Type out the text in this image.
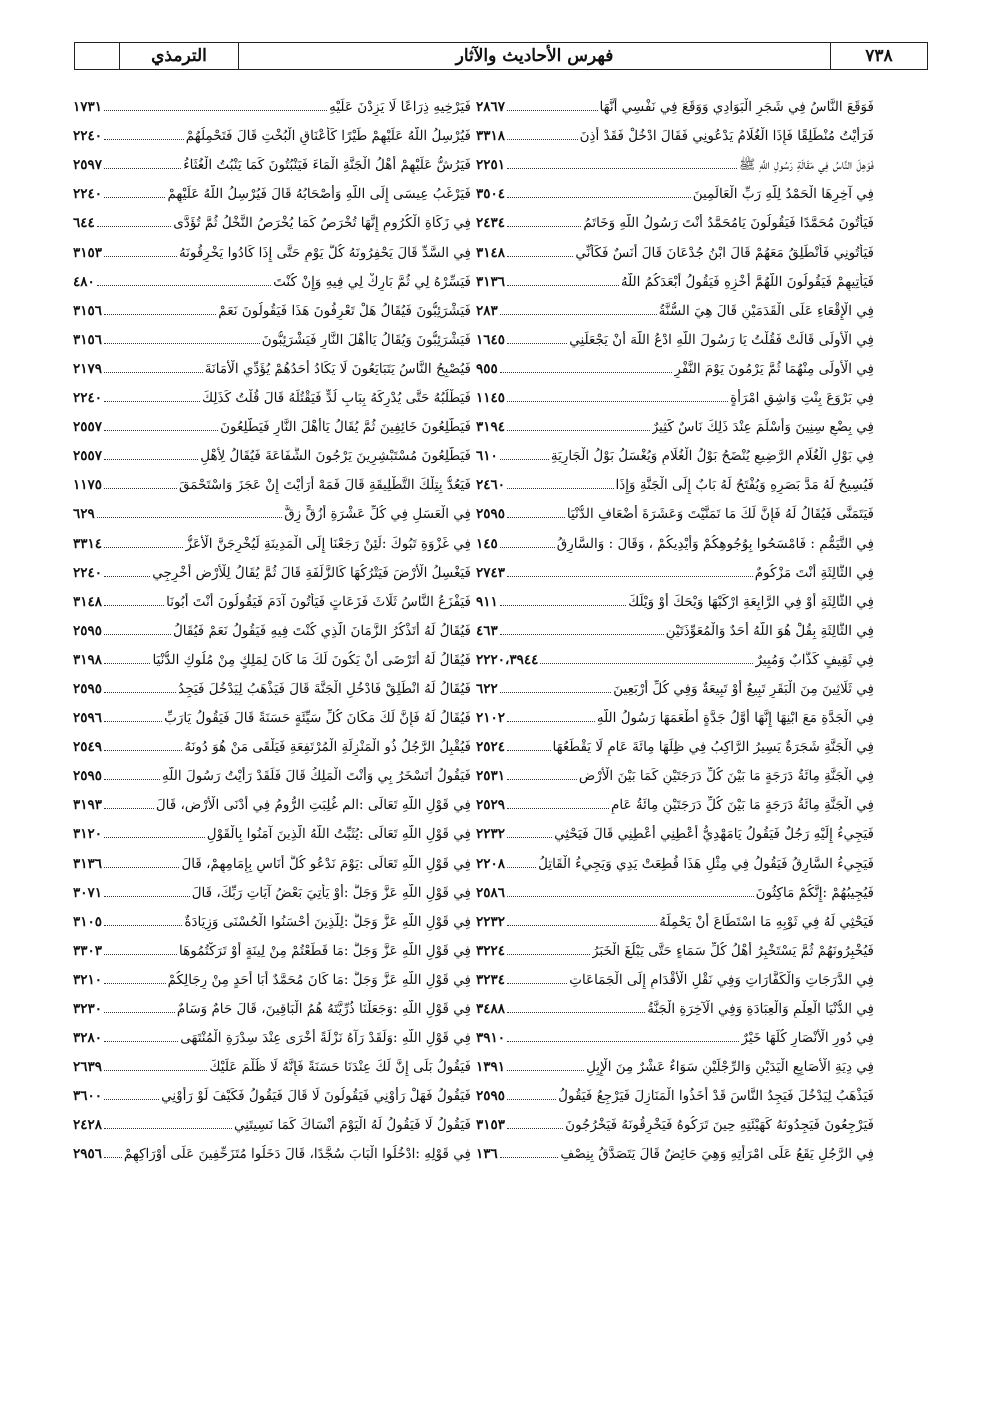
٧٣٨
فهرس الأحاديث والآثار
الترمذي
فَوَقَعَ النَّاسُ فِي شَجَرِ الْبَوَادِي وَوَقَعَ فِي نَفْسِي أَنَّهَا
٢٨٦٧
فَرَأَيْتُ مُنْطَلِقًا فَإِذَا الْغُلَامُ يَدْعُونِي فَقَالَ ادْخُلْ فَقَدْ أُذِنَ
٣٣١٨
فَوَهِلَ النَّاسُ فِي مَقَالَةِ رَسُولِ اللَّهِ ﷺ
٢٢٥١
فِي آخِرِهَا الْحَمْدُ لِلَّهِ رَبِّ الْعَالَمِينَ
٣٥٠٤
فَيَأْتُونَ مُحَمَّدًا فَيَقُولُونَ يَامُحَمَّدُ أَنْتَ رَسُولُ اللَّهِ وَخَاتَمُ
٢٤٣٤
فَيَأْتُونِي فَأَنْطَلِقُ مَعَهُمْ قَالَ ابْنُ جُدْعَانَ قَالَ أَنَسٌ فَكَأَنِّي
٣١٤٨
فَيَأْتِيهِمْ فَيَقُولُونَ اللَّهُمَّ أَخْزِهِ فَيَقُولُ أَبْعَدَكُمُ اللَّهُ
٣١٣٦
فِي الْإِقْعَاءِ عَلَى الْقَدَمَيْنِ قَالَ هِيَ السُّنَّةُ
٢٨٣
فِي الْأُولَى قَالَتْ فَقُلْتُ يَا رَسُولَ اللَّهِ ادْعُ اللَّهَ أَنْ يَجْعَلَنِي
١٦٤٥
فِي الْأُولَى مِنْهُمَا ثُمَّ يَرْمُونَ يَوْمَ النَّفْرِ
٩٥٥
فِي بَرْوَعَ بِنْتِ وَاشِقٍ امْرَأَةٍ
١١٤٥
فِي بِضْعِ سِنِينَ وَأَسْلَمَ عِنْدَ ذَلِكَ نَاسٌ كَثِيرٌ
٣١٩٤
فِي بَوْلِ الْغُلَامِ الرَّضِيعِ يُنْضَحُ بَوْلُ الْغُلَامِ وَيُغْسَلُ بَوْلُ الْجَارِيَةِ
٦١٠
فَيُسِيحُ لَهُ مَدَّ بَصَرِهِ وَيُفْتَحُ لَهُ بَابٌ إِلَى الْجَنَّةِ وَإِذَا
٢٤٦٠
فَيَتَمَنَّى فَيُقَالُ لَهُ فَإِنَّ لَكَ مَا تَمَنَّيْتَ وَعَشَرَةَ أَضْعَافِ الدُّنْيَا
٢٥٩٥
فِي التَّيَمُّمِ : فَامْسَحُوا بِوُجُوهِكُمْ وَأَيْدِيكُمْ ، وَقَالَ : وَالسَّارِقُ
١٤٥
فِي الثَّالِثَةِ أَنْتَ مَزْكُومٌ
٢٧٤٣
فِي الثَّالِثَةِ أَوْ فِي الرَّابِعَةِ ارْكَبْهَا وَيْحَكَ أَوْ وَيْلَكَ
٩١١
فِي الثَّالِثَةِ بِقُلْ هُوَ اللَّهُ أَحَدٌ وَالْمُعَوِّذَتَيْنِ
٤٦٣
فِي ثَقِيفٍ كَذَّابٌ وَمُبِيرٌ
٢٢٢٠،٣٩٤٤
فِي ثَلَاثِينَ مِنَ الْبَقَرِ تَبِيعٌ أَوْ تَبِيعَةٌ وَفِي كُلِّ أَرْبَعِينَ
٦٢٢
فِي الْجَدَّةِ مَعَ ابْنِهَا إِنَّهَا أَوَّلُ جَدَّةٍ أَطْعَمَهَا رَسُولُ اللَّهِ
٢١٠٢
فِي الْجَنَّةِ شَجَرَةٌ يَسِيرُ الرَّاكِبُ فِي ظِلِّهَا مِائَةَ عَامٍ لَا يَقْطَعُهَا
٢٥٢٤
فِي الْجَنَّةِ مِائَةُ دَرَجَةٍ مَا بَيْنَ كُلِّ دَرَجَتَيْنِ كَمَا بَيْنَ الْأَرْضِ
٢٥٣١
فِي الْجَنَّةِ مِائَةُ دَرَجَةٍ مَا بَيْنَ كُلِّ دَرَجَتَيْنِ مِائَةُ عَامٍ
٢٥٢٩
فَيَجِيءُ إِلَيْهِ رَجُلٌ فَيَقُولُ يَامَهْدِيُّ أَعْطِنِي أَعْطِنِي قَالَ فَيَحْثِي
٢٢٣٢
فَيَجِيءُ السَّارِقُ فَيَقُولُ فِي مِثْلِ هَذَا قُطِعَتْ يَدِي وَيَجِيءُ الْقَاتِلُ
٢٢٠٨
فَيُجِيبُهُمْ :إِنَّكُمْ مَاكِثُونَ
٢٥٨٦
فَيَحْثِي لَهُ فِي ثَوْبِهِ مَا اسْتَطَاعَ أَنْ يَحْمِلَهُ
٢٢٣٢
فَيُخْبِرُونَهُمْ ثُمَّ يَسْتَخْبِرُ أَهْلُ كُلِّ سَمَاءٍ حَتَّى يَبْلُغَ الْخَبَرُ
٣٢٢٤
فِي الدَّرَجَاتِ وَالْكَفَّارَاتِ وَفِي نَقْلِ الْأَقْدَامِ إِلَى الْجَمَاعَاتِ
٣٢٣٤
فِي الدُّنْيَا الْعِلْمِ وَالْعِبَادَةِ وَفِي الْآخِرَةِ الْجَنَّةُ
٣٤٨٨
فِي دُورِ الْأَنْصَارِ كُلِّهَا خَيْرٌ
٣٩١٠
فِي دِيَةِ الْأَصَابِعِ الْيَدَيْنِ وَالرِّجْلَيْنِ سَوَاءٌ عَشْرٌ مِنَ الْإِبِلِ
١٣٩١
فَيَذْهَبُ لِيَدْخُلَ فَيَجِدُ النَّاسَ قَدْ أَخَذُوا الْمَنَازِلَ فَيَرْجِعُ فَيَقُولُ
٢٥٩٥
فَيَرْجِعُونَ فَيَجِدُونَهُ كَهَيْئَتِهِ حِينَ تَرَكُوهُ فَيَخْرِقُونَهُ فَيَخْرُجُونَ
٣١٥٣
فِي الرَّجُلِ يَقَعُ عَلَى امْرَأَتِهِ وَهِيَ حَائِضٌ قَالَ يَتَصَدَّقُ بِنِصْفِ
١٣٦
فَيَرْخِيهِ ذِرَاعًا لَا يَزِدْنَ عَلَيْهِ
١٧٣١
فَيُرْسِلُ اللَّهُ عَلَيْهِمْ طَيْرًا كَأَعْنَاقِ الْبُخْتِ قَالَ فَتَحْمِلُهُمْ
٢٢٤٠
فَيَرُشُّ عَلَيْهِمْ أَهْلُ الْجَنَّةِ الْمَاءَ فَيَنْبُتُونَ كَمَا يَنْبُتُ الْغُثَاءُ
٢٥٩٧
فَيَرْغَبُ عِيسَى إِلَى اللَّهِ وَأَصْحَابُهُ قَالَ فَيُرْسِلُ اللَّهُ عَلَيْهِمْ
٢٢٤٠
فِي زَكَاةِ الْكُرُومِ إِنَّهَا تُخْرَصُ كَمَا يُخْرَصُ النَّخْلُ ثُمَّ تُؤَدَّى
٦٤٤
فِي السَّدِّ قَالَ يَحْفِرُونَهُ كُلَّ يَوْمٍ حَتَّى إِذَا كَادُوا يَخْرِقُونَهُ
٣١٥٣
فَيَسِّرْهُ لِي ثُمَّ بَارِكْ لِي فِيهِ وَإِنْ كُنْتَ
٤٨٠
فَيَشْرَئِبُّونَ فَيُقَالُ هَلْ تَعْرِفُونَ هَذَا فَيَقُولُونَ نَعَمْ
٣١٥٦
فَيَشْرَئِبُّونَ وَيُقَالُ يَاأَهْلَ النَّارِ فَيَشْرَئِبُّونَ
٣١٥٦
فَيُصْبِحُ النَّاسُ يَتَبَايَعُونَ لَا يَكَادُ أَحَدُهُمْ يُؤَدِّي الْأَمَانَةَ
٢١٧٩
فَيَطْلُبُهُ حَتَّى يُدْرِكَهُ بِبَابِ لُدٍّ فَيَقْتُلَهُ قَالَ قُلْتُ كَذَلِكَ
٢٢٤٠
فَيَطَّلِعُونَ خَائِفِينَ ثُمَّ يُقَالُ يَاأَهْلَ النَّارِ فَيَطَّلِعُونَ
٢٥٥٧
فَيَطَّلِعُونَ مُسْتَبْشِرِينَ يَرْجُونَ الشَّفَاعَةَ فَيُقَالُ لِأَهْلِ
٢٥٥٧
فَيَعُدُّ بِتِلْكَ التَّطْلِيقَةِ قَالَ فَمَهْ أَرَأَيْتَ إِنْ عَجَزَ وَاسْتَحْمَقَ
١١٧٥
فِي الْعَسَلِ فِي كُلِّ عَشْرَةِ أَزُقٍّ زِقٌّ
٦٢٩
فِي غَزْوَةِ تَبُوكَ :لَئِنْ رَجَعْنَا إِلَى الْمَدِينَةِ لَيُخْرِجَنَّ الْأَعَزُّ
٣٣١٤
فَيَغْسِلُ الْأَرْضَ فَيَتْرُكُهَا كَالزَّلَفَةِ قَالَ ثُمَّ يُقَالُ لِلْأَرْضِ أَخْرِجِي
٢٢٤٠
فَيَفْزَعُ النَّاسُ ثَلَاثَ فَزَعَاتٍ فَيَأْتُونَ آدَمَ فَيَقُولُونَ أَنْتَ أَبُونَا
٣١٤٨
فَيُقَالُ لَهُ أَتَذْكُرُ الزَّمَانَ الَّذِي كُنْتَ فِيهِ فَيَقُولُ نَعَمْ فَيُقَالُ
٢٥٩٥
فَيُقَالُ لَهُ أَتَرْضَى أَنْ يَكُونَ لَكَ مَا كَانَ لِمَلِكٍ مِنْ مُلُوكِ الدُّنْيَا
٣١٩٨
فَيُقَالُ لَهُ انْطَلِقْ فَادْخُلِ الْجَنَّةَ قَالَ فَيَذْهَبُ لِيَدْخُلَ فَيَجِدُ
٢٥٩٥
فَيُقَالُ لَهُ فَإِنَّ لَكَ مَكَانَ كُلِّ سَيِّئَةٍ حَسَنَةً قَالَ فَيَقُولُ يَارَبِّ
٢٥٩٦
فَيُقْبِلُ الرَّجُلُ ذُو الْمَنْزِلَةِ الْمُرْتَفِعَةِ فَيَلْقَى مَنْ هُوَ دُونَهُ
٢٥٤٩
فَيَقُولُ أَتَسْخَرُ بِي وَأَنْتَ الْمَلِكُ قَالَ فَلَقَدْ رَأَيْتُ رَسُولَ اللَّهِ
٢٥٩٥
فِي قَوْلِ اللَّهِ تَعَالَى :الم غُلِبَتِ الرُّومُ فِي أَدْنَى الْأَرْضِ، قَالَ
٣١٩٣
فِي قَوْلِ اللَّهِ تَعَالَى :يُثَبِّتُ اللَّهُ الَّذِينَ آمَنُوا بِالْقَوْلِ
٣١٢٠
فِي قَوْلِ اللَّهِ تَعَالَى :يَوْمَ نَدْعُو كُلَّ أُنَاسٍ بِإِمَامِهِمْ، قَالَ
٣١٣٦
فِي قَوْلِ اللَّهِ عَزَّ وَجَلَّ :أَوْ يَأْتِيَ بَعْضُ آيَاتِ رَبِّكَ، قَالَ
٣٠٧١
فِي قَوْلِ اللَّهِ عَزَّ وَجَلَّ :لِلَّذِينَ أَحْسَنُوا الْحُسْنَى وَزِيَادَةٌ
٣١٠٥
فِي قَوْلِ اللَّهِ عَزَّ وَجَلَّ :مَا قَطَعْتُمْ مِنْ لِينَةٍ أَوْ تَرَكْتُمُوهَا
٣٣٠٣
فِي قَوْلِ اللَّهِ عَزَّ وَجَلَّ :مَا كَانَ مُحَمَّدٌ أَبَا أَحَدٍ مِنْ رِجَالِكُمْ
٣٢١٠
فِي قَوْلِ اللَّهِ :وَجَعَلْنَا ذُرِّيَّتَهُ هُمُ الْبَاقِينَ، قَالَ حَامٌ وَسَامٌ
٣٢٣٠
فِي قَوْلِ اللَّهِ :وَلَقَدْ رَآهُ نَزْلَةً أُخْرَى عِنْدَ سِدْرَةِ الْمُنْتَهَى
٣٢٨٠
فَيَقُولُ بَلَى إِنَّ لَكَ عِنْدَنَا حَسَنَةً فَإِنَّهُ لَا ظُلْمَ عَلَيْكَ
٢٦٣٩
فَيَقُولُ فَهَلْ رَأَوْنِي فَيَقُولُونَ لَا قَالَ فَيَقُولُ فَكَيْفَ لَوْ رَأَوْنِي
٣٦٠٠
فَيَقُولُ لَا فَيَقُولُ لَهُ الْيَوْمَ أَنْسَاكَ كَمَا نَسِيتَنِي
٢٤٢٨
فِي قَوْلِهِ :ادْخُلُوا الْبَابَ سُجَّدًا، قَالَ دَخَلُوا مُتَزَحِّفِينَ عَلَى أَوْرَاكِهِمْ
٢٩٥٦
